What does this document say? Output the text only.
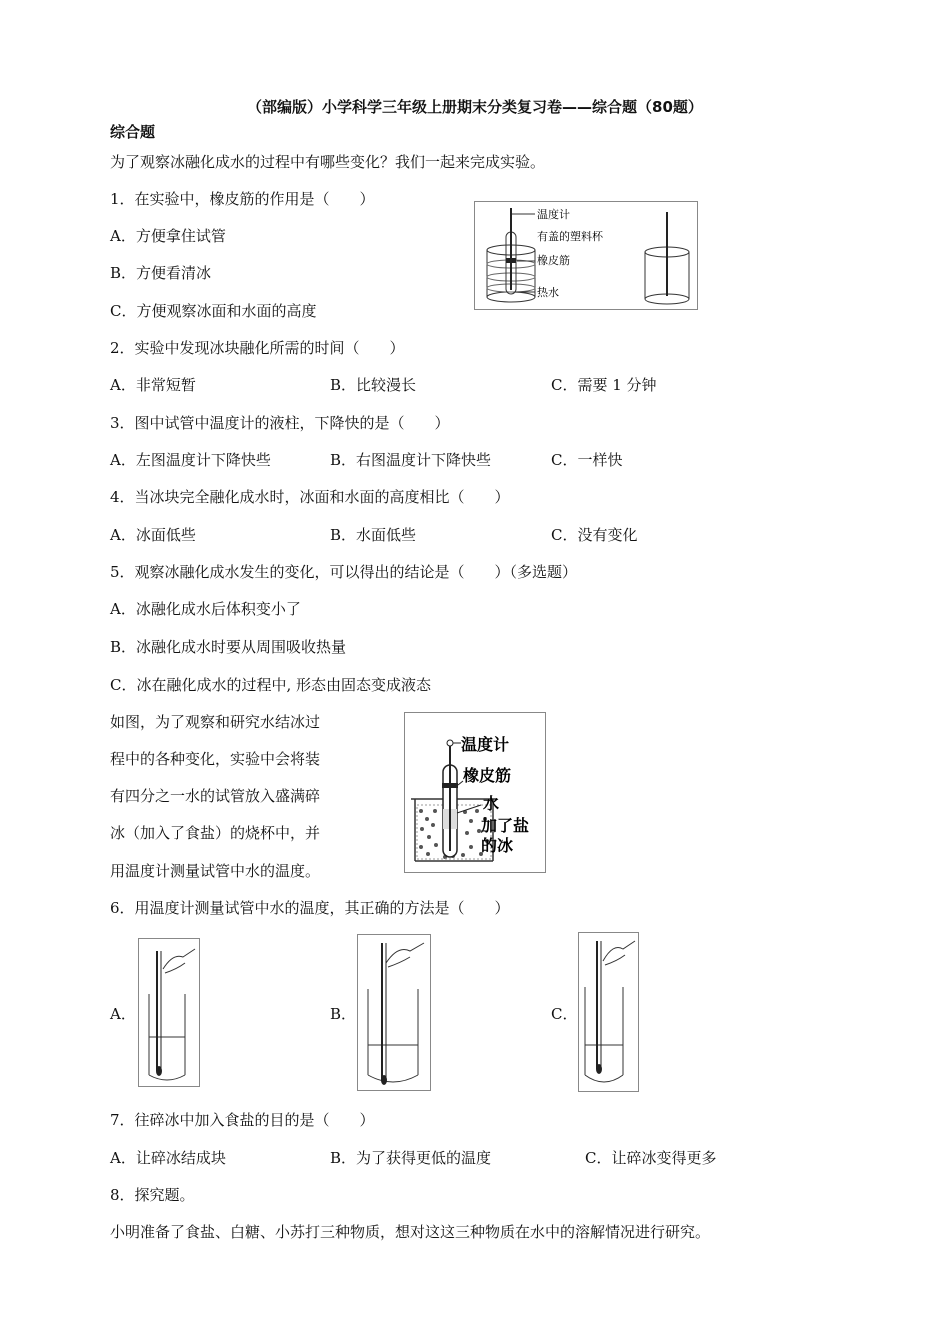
（部编版）小学科学三年级上册期末分类复习卷——综合题（80题）
综合题
为了观察冰融化成水的过程中有哪些变化？我们一起来完成实验。
1．在实验中，橡皮筋的作用是（　　）
A．方便拿住试管
B．方便看清冰
C．方便观察冰面和水面的高度
温度计
有盖的塑料杯
橡皮筋
热水
2．实验中发现冰块融化所需的时间（　　）
A．非常短暂	B．比较漫长	C．需要 1 分钟
3．图中试管中温度计的液柱，下降快的是（　　）
A．左图温度计下降快些	B．右图温度计下降快些	C．一样快
4．当冰块完全融化成水时，冰面和水面的高度相比（　　）
A．冰面低些	B．水面低些	C．没有变化
5．观察冰融化成水发生的变化，可以得出的结论是（　　）（多选题）
A．冰融化成水后体积变小了
B．冰融化成水时要从周围吸收热量
C．冰在融化成水的过程中, 形态由固态变成液态
如图，为了观察和研究水结冰过
程中的各种变化，实验中会将装
有四分之一水的试管放入盛满碎
冰（加入了食盐）的烧杯中，并
用温度计测量试管中水的温度。
温度计
橡皮筋
水
加了盐
的冰
6．用温度计测量试管中水的温度，其正确的方法是（　　）
A．	B．	C．
7．往碎冰中加入食盐的目的是（　　）
A．让碎冰结成块	B．为了获得更低的温度	C．让碎冰变得更多
8．探究题。
小明准备了食盐、白糖、小苏打三种物质，想对这这三种物质在水中的溶解情况进行研究。
